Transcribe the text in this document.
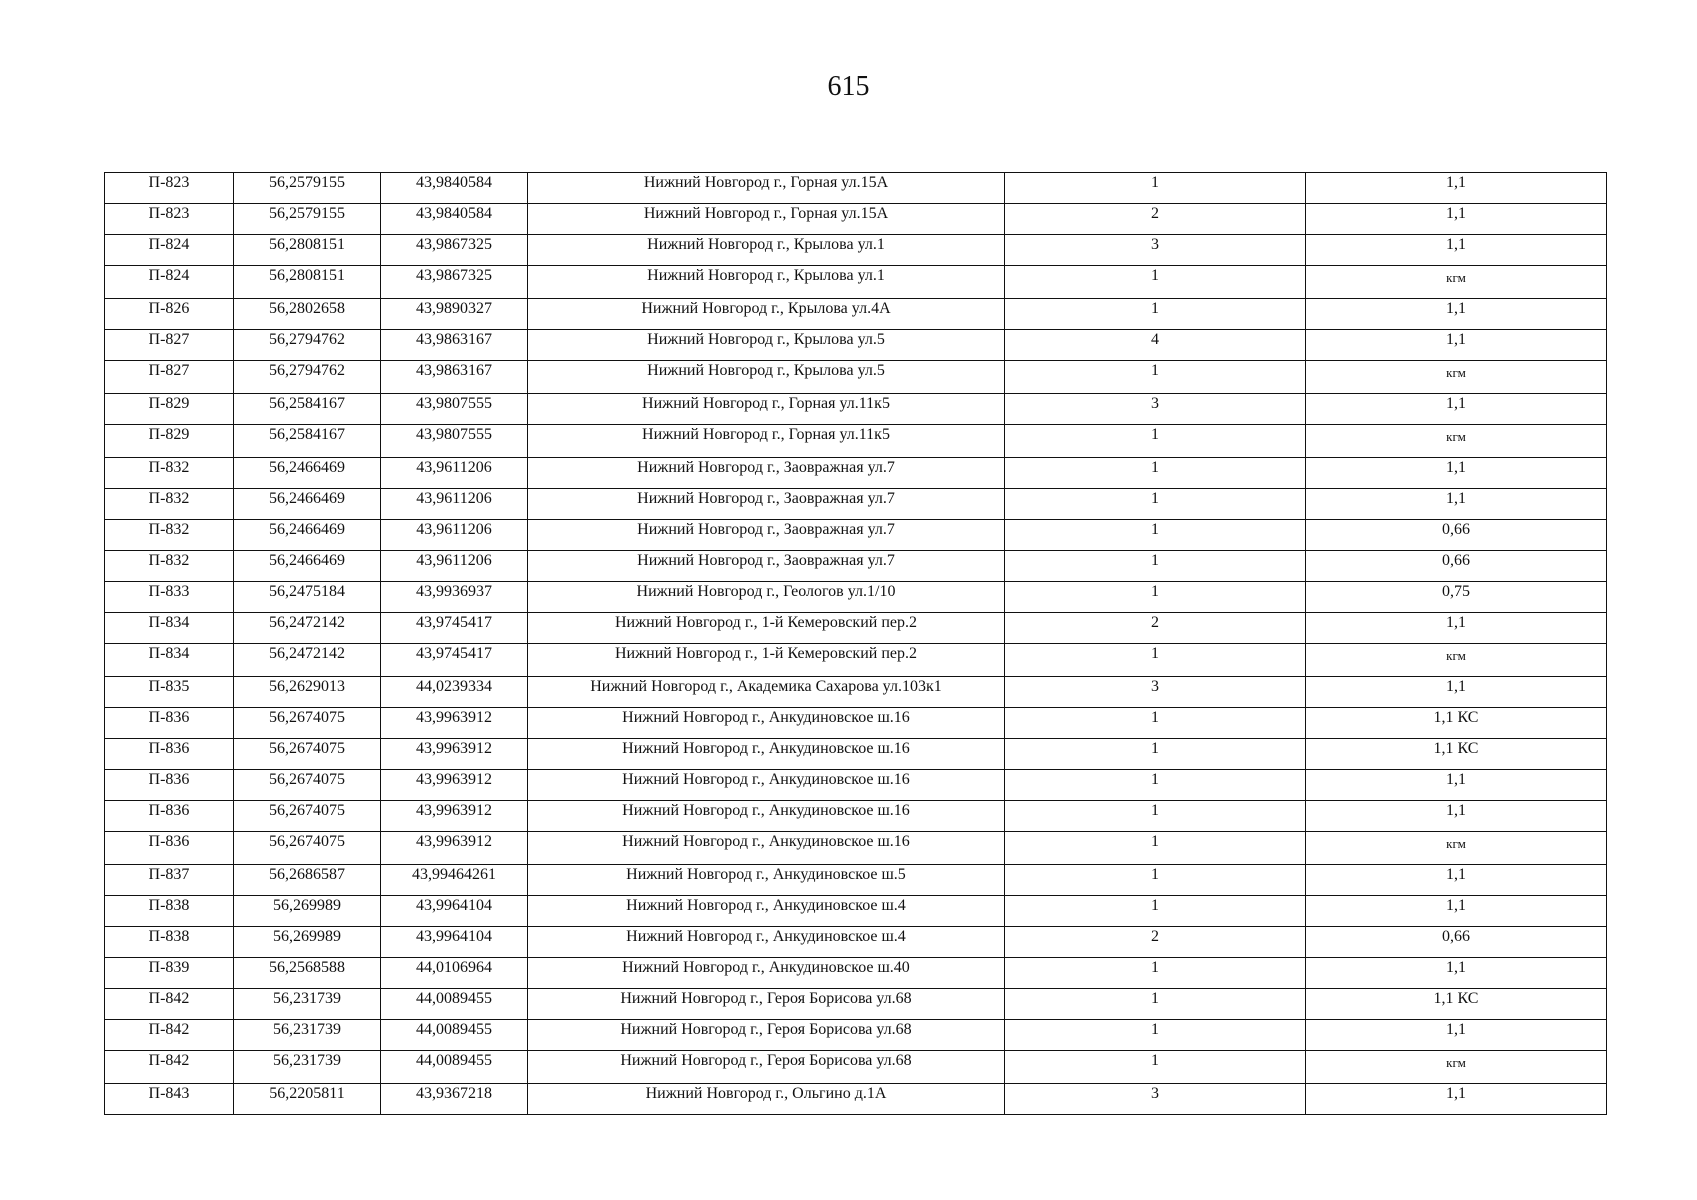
615
П-823	56,2579155	43,9840584	Нижний Новгород г., Горная ул.15А	1	1,1
П-823	56,2579155	43,9840584	Нижний Новгород г., Горная ул.15А	2	1,1
П-824	56,2808151	43,9867325	Нижний Новгород г., Крылова ул.1	3	1,1
П-824	56,2808151	43,9867325	Нижний Новгород г., Крылова ул.1	1	кгм
П-826	56,2802658	43,9890327	Нижний Новгород г., Крылова ул.4А	1	1,1
П-827	56,2794762	43,9863167	Нижний Новгород г., Крылова ул.5	4	1,1
П-827	56,2794762	43,9863167	Нижний Новгород г., Крылова ул.5	1	кгм
П-829	56,2584167	43,9807555	Нижний Новгород г., Горная ул.11к5	3	1,1
П-829	56,2584167	43,9807555	Нижний Новгород г., Горная ул.11к5	1	кгм
П-832	56,2466469	43,9611206	Нижний Новгород г., Заовражная ул.7	1	1,1
П-832	56,2466469	43,9611206	Нижний Новгород г., Заовражная ул.7	1	1,1
П-832	56,2466469	43,9611206	Нижний Новгород г., Заовражная ул.7	1	0,66
П-832	56,2466469	43,9611206	Нижний Новгород г., Заовражная ул.7	1	0,66
П-833	56,2475184	43,9936937	Нижний Новгород г., Геологов ул.1/10	1	0,75
П-834	56,2472142	43,9745417	Нижний Новгород г., 1-й Кемеровский пер.2	2	1,1
П-834	56,2472142	43,9745417	Нижний Новгород г., 1-й Кемеровский пер.2	1	кгм
П-835	56,2629013	44,0239334	Нижний Новгород г., Академика Сахарова ул.103к1	3	1,1
П-836	56,2674075	43,9963912	Нижний Новгород г., Анкудиновское ш.16	1	1,1 КС
П-836	56,2674075	43,9963912	Нижний Новгород г., Анкудиновское ш.16	1	1,1 КС
П-836	56,2674075	43,9963912	Нижний Новгород г., Анкудиновское ш.16	1	1,1
П-836	56,2674075	43,9963912	Нижний Новгород г., Анкудиновское ш.16	1	1,1
П-836	56,2674075	43,9963912	Нижний Новгород г., Анкудиновское ш.16	1	кгм
П-837	56,2686587	43,99464261	Нижний Новгород г., Анкудиновское ш.5	1	1,1
П-838	56,269989	43,9964104	Нижний Новгород г., Анкудиновское ш.4	1	1,1
П-838	56,269989	43,9964104	Нижний Новгород г., Анкудиновское ш.4	2	0,66
П-839	56,2568588	44,0106964	Нижний Новгород г., Анкудиновское ш.40	1	1,1
П-842	56,231739	44,0089455	Нижний Новгород г., Героя Борисова ул.68	1	1,1 КС
П-842	56,231739	44,0089455	Нижний Новгород г., Героя Борисова ул.68	1	1,1
П-842	56,231739	44,0089455	Нижний Новгород г., Героя Борисова ул.68	1	кгм
П-843	56,2205811	43,9367218	Нижний Новгород г., Ольгино д.1А	3	1,1
